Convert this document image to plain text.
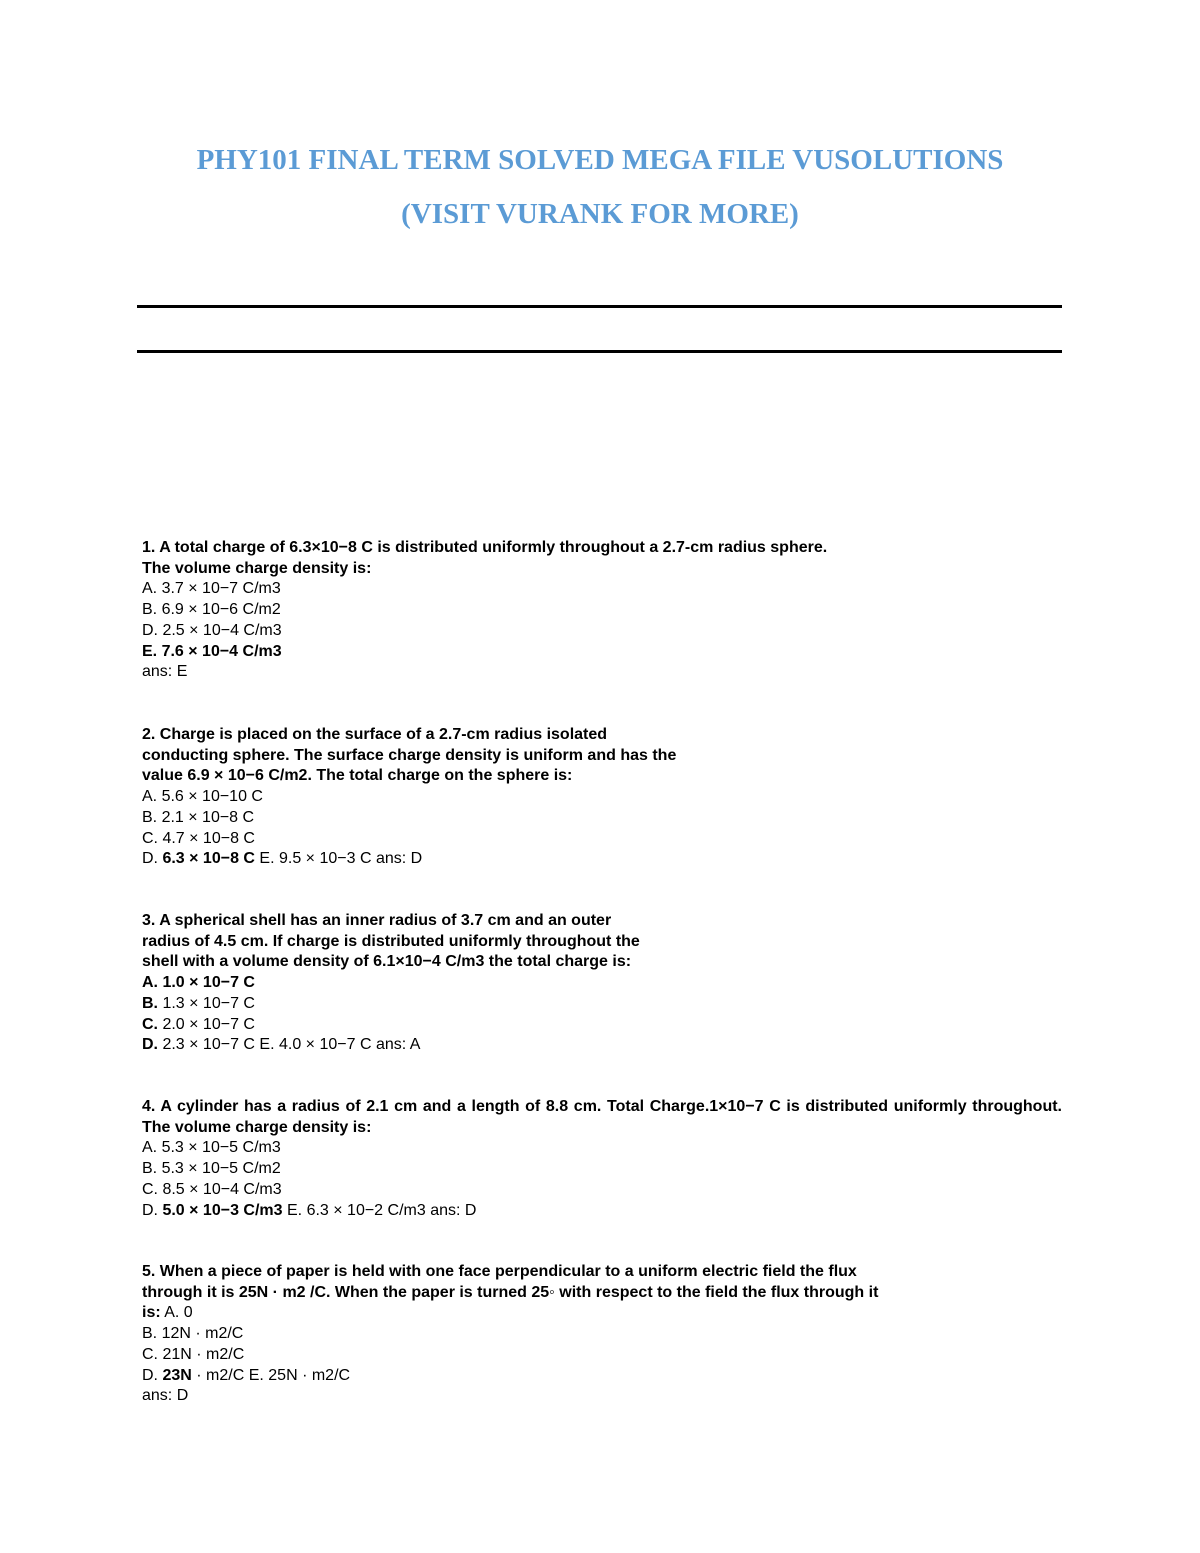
PHY101 FINAL TERM SOLVED MEGA FILE VUSOLUTIONS
(VISIT VURANK FOR MORE)
1. A total charge of 6.3×10−8 C is distributed uniformly throughout a 2.7-cm radius sphere.
The volume charge density is:
A. 3.7 × 10−7 C/m3
B. 6.9 × 10−6 C/m2
D. 2.5 × 10−4 C/m3
E. 7.6 × 10−4 C/m3
ans: E
2. Charge is placed on the surface of a 2.7-cm radius isolated
conducting sphere. The surface charge density is uniform and has the
value 6.9 × 10−6 C/m2. The total charge on the sphere is:
A. 5.6 × 10−10 C
B. 2.1 × 10−8 C
C. 4.7 × 10−8 C
D. 6.3 × 10−8 C E. 9.5 × 10−3 C ans: D
3. A spherical shell has an inner radius of 3.7 cm and an outer
radius of 4.5 cm. If charge is distributed uniformly throughout the
shell with a volume density of 6.1×10−4 C/m3 the total charge is:
A. 1.0 × 10−7 C
B. 1.3 × 10−7 C
C. 2.0 × 10−7 C
D. 2.3 × 10−7 C E. 4.0 × 10−7 C ans: A
4. A cylinder has a radius of 2.1 cm and a length of 8.8 cm. Total Charge.1×10−7 C is distributed uniformly throughout. The volume charge density is:
A. 5.3 × 10−5 C/m3
B. 5.3 × 10−5 C/m2
C. 8.5 × 10−4 C/m3
D. 5.0 × 10−3 C/m3 E. 6.3 × 10−2 C/m3 ans: D
5. When a piece of paper is held with one face perpendicular to a uniform electric field the flux
through it is 25N · m2 /C. When the paper is turned 25◦ with respect to the field the flux through it
is: A. 0
B. 12N · m2/C
C. 21N · m2/C
D. 23N · m2/C E. 25N · m2/C
ans: D
